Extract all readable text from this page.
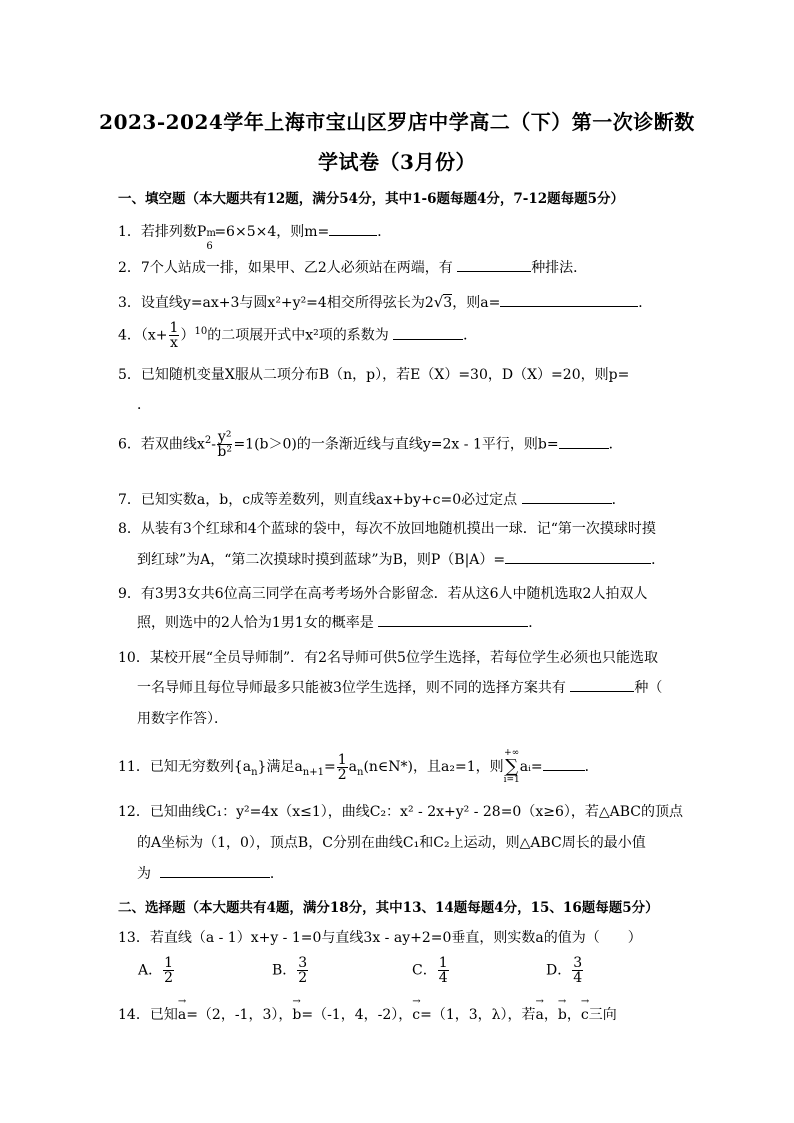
2023-2024学年上海市宝山区罗店中学高二（下）第一次诊断数
学试卷（3月份）
一、填空题（本大题共有12题，满分54分，其中1-6题每题4分，7-12题每题5分）
1．若排列数P m
6
=6×5×4，则m=	．
2．7个人站成一排，如果甲、乙2人必须站在两端，有	种排法．
3．设直线y=ax+3与圆x²+y²=4相交所得弦长为2√3，则a=	．
4．$(x+ \frac{1}{x} )^{10}$的二项展开式中x²项的系数为	．
5．已知随机变量X服从二项分布B（n，p），若E（X）=30，D（X）=20，则p=
．
6．若双曲线$x^2- \frac{\text{y²}}{\text{b²}} =1(b>0)$的一条渐近线与直线y=2x - 1平行，则b=	．
7．已知实数a，b，c成等差数列，则直线ax+by+c=0必过定点	．
8．从装有3个红球和4个蓝球的袋中，每次不放回地随机摸出一球．记“第一次摸球时摸
到红球”为A，“第二次摸球时摸到蓝球”为B，则P（B|A）=	．
9．有3男3女共6位高三同学在高考考场外合影留念．若从这6人中随机选取2人拍双人
照，则选中的2人恰为1男1女的概率是	．
10．某校开展“全员导师制”．有2名导师可供5位学生选择，若每位学生必须也只能选取
一名导师且每位导师最多只能被3位学生选择，则不同的选择方案共有	种（
用数字作答）．
11．已知无穷数列$\{a_n\}$满足$a_{n+1}= \frac{1}{2}$ $a_n(n\in N*)$，且a₂=1，则
+∞
∑
i=1
aᵢ=	．
12．已知曲线C₁：y²=4x（x≤1），曲线C₂：x² - 2x+y² - 28=0（x≥6），若△ABC的顶点
的A坐标为（1，0），顶点B，C分别在曲线C₁和C₂上运动，则△ABC周长的最小值
为	．
二、选择题（本大题共有4题，满分18分，其中13、14题每题4分，15、16题每题5分）
13．若直线（a - 1）x+y - 1=0与直线3x - ay+2=0垂直，则实数a的值为（　　）
A． $\frac{1}{2}$	B． $\frac{3}{2}$	C． $\frac{1}{4}$	D． $\frac{3}{4}$
14．已知→ a=（2，-1，3），→ b=（-1，4，-2），→ c=（1，3，λ），若→ a，→ b，→ c三向
